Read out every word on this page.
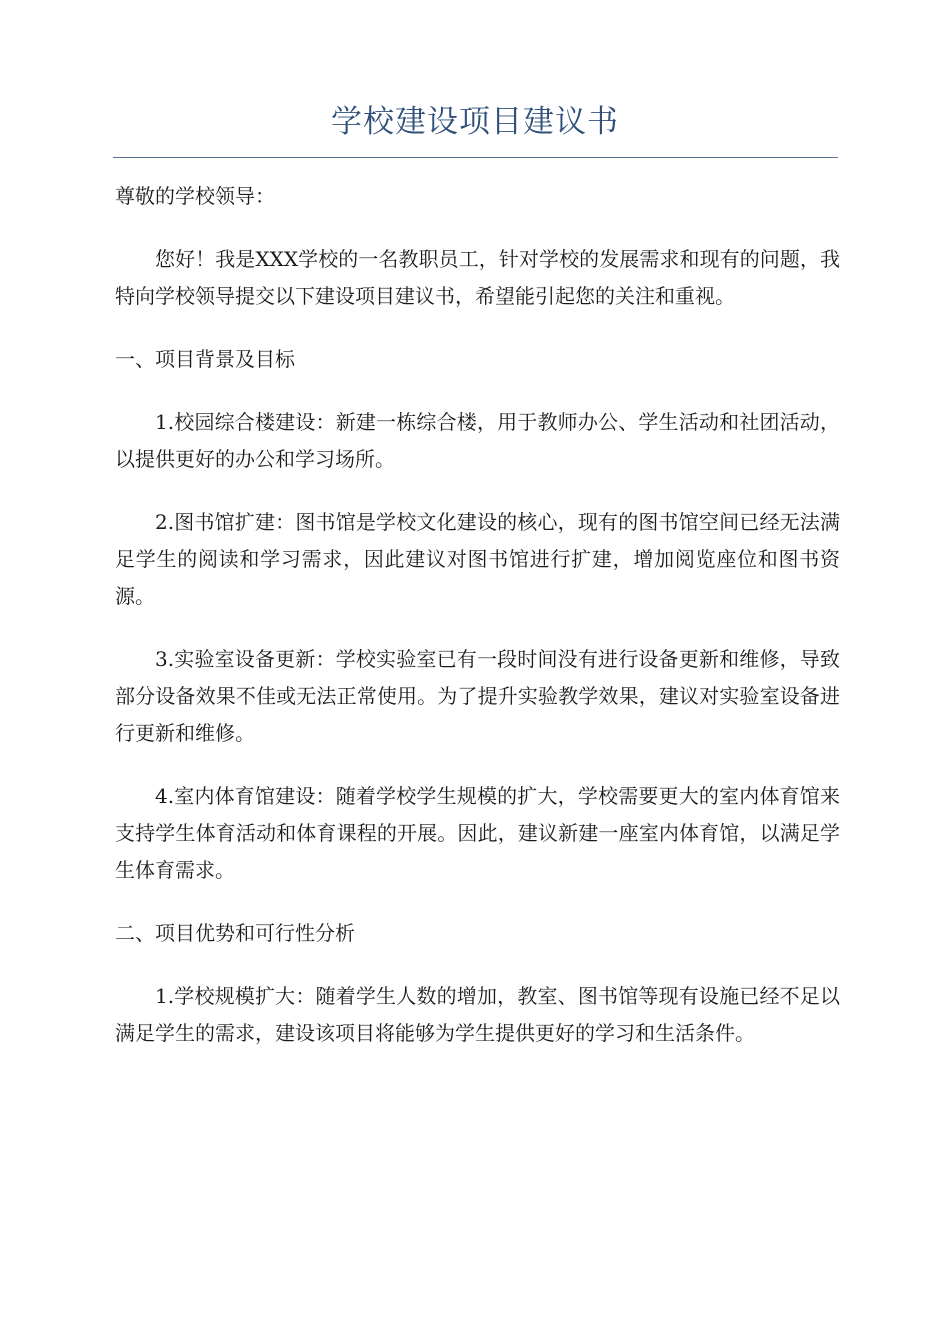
学校建设项目建议书

尊敬的学校领导：

您好！我是XXX学校的一名教职员工，针对学校的发展需求和现有的问题，我特向学校领导提交以下建设项目建议书，希望能引起您的关注和重视。

一、项目背景及目标

1.校园综合楼建设：新建一栋综合楼，用于教师办公、学生活动和社团活动，以提供更好的办公和学习场所。

2.图书馆扩建：图书馆是学校文化建设的核心，现有的图书馆空间已经无法满足学生的阅读和学习需求，因此建议对图书馆进行扩建，增加阅览座位和图书资源。

3.实验室设备更新：学校实验室已有一段时间没有进行设备更新和维修，导致部分设备效果不佳或无法正常使用。为了提升实验教学效果，建议对实验室设备进行更新和维修。

4.室内体育馆建设：随着学校学生规模的扩大，学校需要更大的室内体育馆来支持学生体育活动和体育课程的开展。因此，建议新建一座室内体育馆，以满足学生体育需求。

二、项目优势和可行性分析

1.学校规模扩大：随着学生人数的增加，教室、图书馆等现有设施已经不足以满足学生的需求，建设该项目将能够为学生提供更好的学习和生活条件。
